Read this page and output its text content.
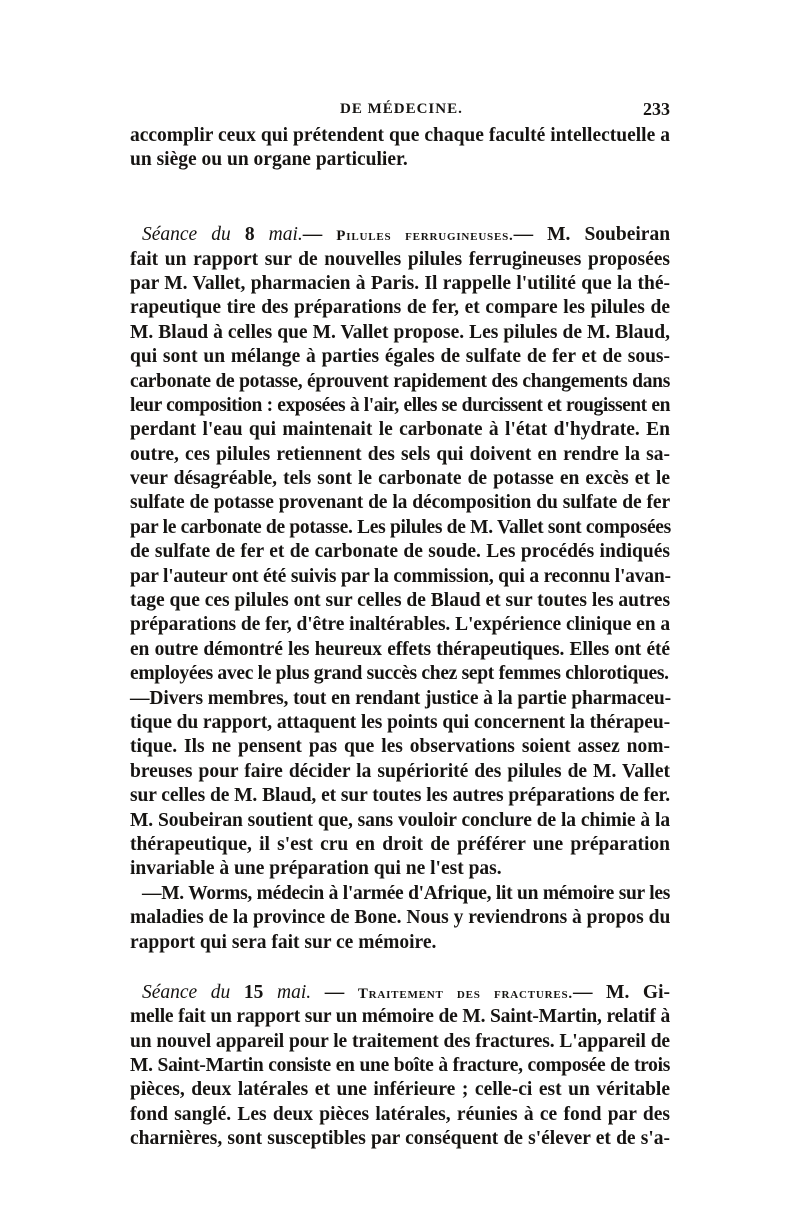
DE MÉDECINE.	233
accomplir ceux qui prétendent que chaque faculté intellectuelle a
un siège ou un organe particulier.
Séance du 8 mai.— Pilules ferrugineuses.— M. Soubeiran
fait un rapport sur de nouvelles pilules ferrugineuses proposées
par M. Vallet, pharmacien à Paris. Il rappelle l'utilité que la thé-
rapeutique tire des préparations de fer, et compare les pilules de
M. Blaud à celles que M. Vallet propose. Les pilules de M. Blaud,
qui sont un mélange à parties égales de sulfate de fer et de sous-
carbonate de potasse, éprouvent rapidement des changements dans
leur composition : exposées à l'air, elles se durcissent et rougissent en
perdant l'eau qui maintenait le carbonate à l'état d'hydrate. En
outre, ces pilules retiennent des sels qui doivent en rendre la sa-
veur désagréable, tels sont le carbonate de potasse en excès et le
sulfate de potasse provenant de la décomposition du sulfate de fer
par le carbonate de potasse. Les pilules de M. Vallet sont composées
de sulfate de fer et de carbonate de soude. Les procédés indiqués
par l'auteur ont été suivis par la commission, qui a reconnu l'avan-
tage que ces pilules ont sur celles de Blaud et sur toutes les autres
préparations de fer, d'être inaltérables. L'expérience clinique en a
en outre démontré les heureux effets thérapeutiques. Elles ont été
employées avec le plus grand succès chez sept femmes chlorotiques.
—Divers membres, tout en rendant justice à la partie pharmaceu-
tique du rapport, attaquent les points qui concernent la thérapeu-
tique. Ils ne pensent pas que les observations soient assez nom-
breuses pour faire décider la supériorité des pilules de M. Vallet
sur celles de M. Blaud, et sur toutes les autres préparations de fer.
M. Soubeiran soutient que, sans vouloir conclure de la chimie à la
thérapeutique, il s'est cru en droit de préférer une préparation
invariable à une préparation qui ne l'est pas.
—M. Worms, médecin à l'armée d'Afrique, lit un mémoire sur les
maladies de la province de Bone. Nous y reviendrons à propos du
rapport qui sera fait sur ce mémoire.
Séance du 15 mai. — Traitement des fractures.— M. Gi-
melle fait un rapport sur un mémoire de M. Saint-Martin, relatif à
un nouvel appareil pour le traitement des fractures. L'appareil de
M. Saint-Martin consiste en une boîte à fracture, composée de trois
pièces, deux latérales et une inférieure ; celle-ci est un véritable
fond sanglé. Les deux pièces latérales, réunies à ce fond par des
charnières, sont susceptibles par conséquent de s'élever et de s'a-
